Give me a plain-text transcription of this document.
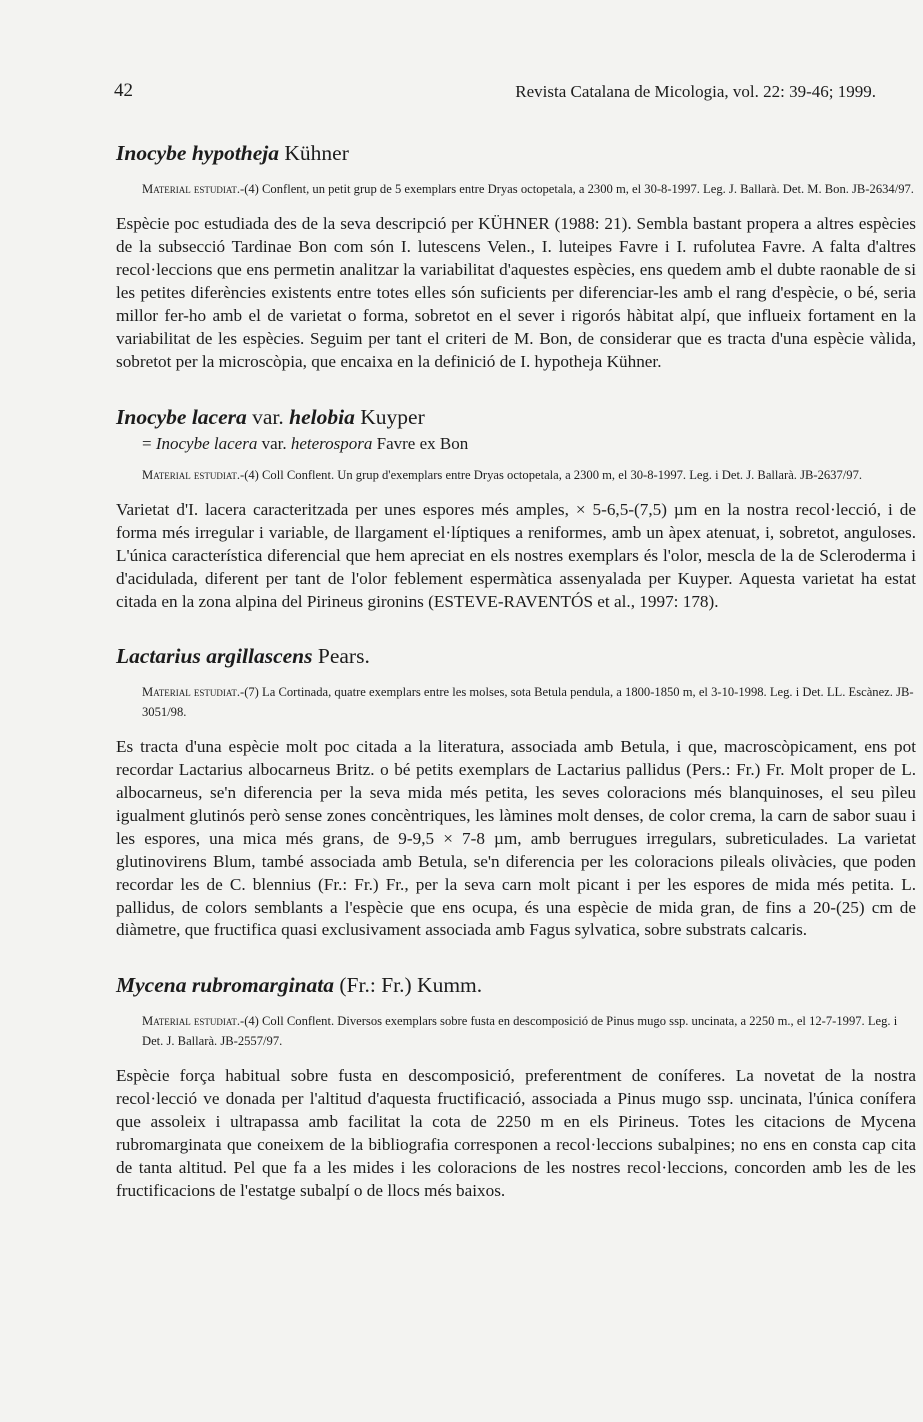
42	Revista Catalana de Micologia, vol. 22: 39-46; 1999.
Inocybe hypotheja Kühner

Material estudiat.-(4) Conflent, un petit grup de 5 exemplars entre Dryas octopetala, a 2300 m, el 30-8-1997. Leg. J. Ballarà. Det. M. Bon. JB-2634/97.

Espècie poc estudiada des de la seva descripció per KÜHNER (1988: 21). Sembla bastant propera a altres espècies de la subsecció Tardinae Bon com són I. lutescens Velen., I. luteipes Favre i I. rufolutea Favre. A falta d'altres recol·leccions que ens permetin analitzar la variabilitat d'aquestes espècies, ens quedem amb el dubte raonable de si les petites diferències existents entre totes elles són suficients per diferenciar-les amb el rang d'espècie, o bé, seria millor fer-ho amb el de varietat o forma, sobretot en el sever i rigorós hàbitat alpí, que influeix fortament en la variabilitat de les espècies. Seguim per tant el criteri de M. Bon, de considerar que es tracta d'una espècie vàlida, sobretot per la microscòpia, que encaixa en la definició de I. hypotheja Kühner.

Inocybe lacera var. helobia Kuyper
= Inocybe lacera var. heterospora Favre ex Bon

Material estudiat.-(4) Coll Conflent. Un grup d'exemplars entre Dryas octopetala, a 2300 m, el 30-8-1997. Leg. i Det. J. Ballarà. JB-2637/97.

Varietat d'I. lacera caracteritzada per unes espores més amples, × 5-6,5-(7,5) µm en la nostra recol·lecció, i de forma més irregular i variable, de llargament el·líptiques a reniformes, amb un àpex atenuat, i, sobretot, anguloses. L'única característica diferencial que hem apreciat en els nostres exemplars és l'olor, mescla de la de Scleroderma i d'acidulada, diferent per tant de l'olor feblement espermàtica assenyalada per Kuyper. Aquesta varietat ha estat citada en la zona alpina del Pirineus gironins (ESTEVE-RAVENTÓS et al., 1997: 178).

Lactarius argillascens Pears.

Material estudiat.-(7) La Cortinada, quatre exemplars entre les molses, sota Betula pendula, a 1800-1850 m, el 3-10-1998. Leg. i Det. LL. Escànez. JB-3051/98.

Es tracta d'una espècie molt poc citada a la literatura, associada amb Betula, i que, macroscòpicament, ens pot recordar Lactarius albocarneus Britz. o bé petits exemplars de Lactarius pallidus (Pers.: Fr.) Fr. Molt proper de L. albocarneus, se'n diferencia per la seva mida més petita, les seves coloracions més blanquinoses, el seu pìleu igualment glutinós però sense zones concèntriques, les làmines molt denses, de color crema, la carn de sabor suau i les espores, una mica més grans, de 9-9,5 × 7-8 µm, amb berrugues irregulars, subreticulades. La varietat glutinovirens Blum, també associada amb Betula, se'n diferencia per les coloracions pileals olivàcies, que poden recordar les de C. blennius (Fr.: Fr.) Fr., per la seva carn molt picant i per les espores de mida més petita. L. pallidus, de colors semblants a l'espècie que ens ocupa, és una espècie de mida gran, de fins a 20-(25) cm de diàmetre, que fructifica quasi exclusivament associada amb Fagus sylvatica, sobre substrats calcaris.

Mycena rubromarginata (Fr.: Fr.) Kumm.

Material estudiat.-(4) Coll Conflent. Diversos exemplars sobre fusta en descomposició de Pinus mugo ssp. uncinata, a 2250 m., el 12-7-1997. Leg. i Det. J. Ballarà. JB-2557/97.

Espècie força habitual sobre fusta en descomposició, preferentment de coníferes. La novetat de la nostra recol·lecció ve donada per l'altitud d'aquesta fructificació, associada a Pinus mugo ssp. uncinata, l'única conífera que assoleix i ultrapassa amb facilitat la cota de 2250 m en els Pirineus. Totes les citacions de Mycena rubromarginata que coneixem de la bibliografia corresponen a recol·leccions subalpines; no ens en consta cap cita de tanta altitud. Pel que fa a les mides i les coloracions de les nostres recol·leccions, concorden amb les de les fructificacions de l'estatge subalpí o de llocs més baixos.
